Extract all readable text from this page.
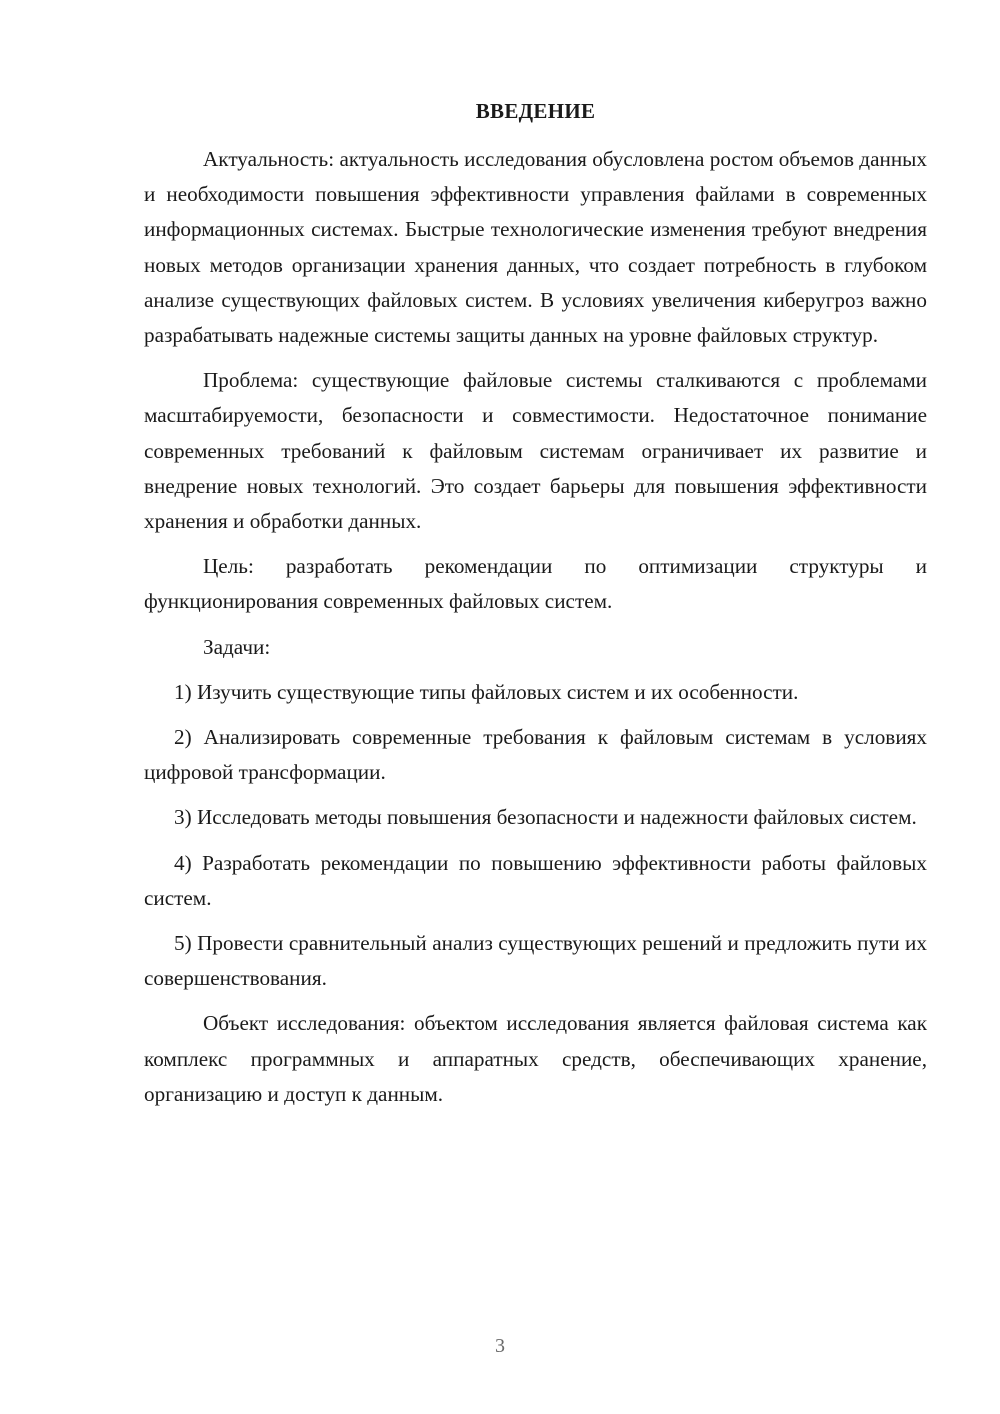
ВВЕДЕНИЕ

Актуальность: актуальность исследования обусловлена ростом объемов данных и необходимости повышения эффективности управления файлами в современных информационных системах. Быстрые технологические изменения требуют внедрения новых методов организации хранения данных, что создает потребность в глубоком анализе существующих файловых систем. В условиях увеличения киберугроз важно разрабатывать надежные системы защиты данных на уровне файловых структур.

Проблема: существующие файловые системы сталкиваются с проблемами масштабируемости, безопасности и совместимости. Недостаточное понимание современных требований к файловым системам ограничивает их развитие и внедрение новых технологий. Это создает барьеры для повышения эффективности хранения и обработки данных.

Цель: разработать рекомендации по оптимизации структуры и функционирования современных файловых систем.

Задачи:

1) Изучить существующие типы файловых систем и их особенности.

2) Анализировать современные требования к файловым системам в условиях цифровой трансформации.

3) Исследовать методы повышения безопасности и надежности файловых систем.

4) Разработать рекомендации по повышению эффективности работы файловых систем.

5) Провести сравнительный анализ существующих решений и предложить пути их совершенствования.

Объект исследования: объектом исследования является файловая система как комплекс программных и аппаратных средств, обеспечивающих хранение, организацию и доступ к данным.

3
